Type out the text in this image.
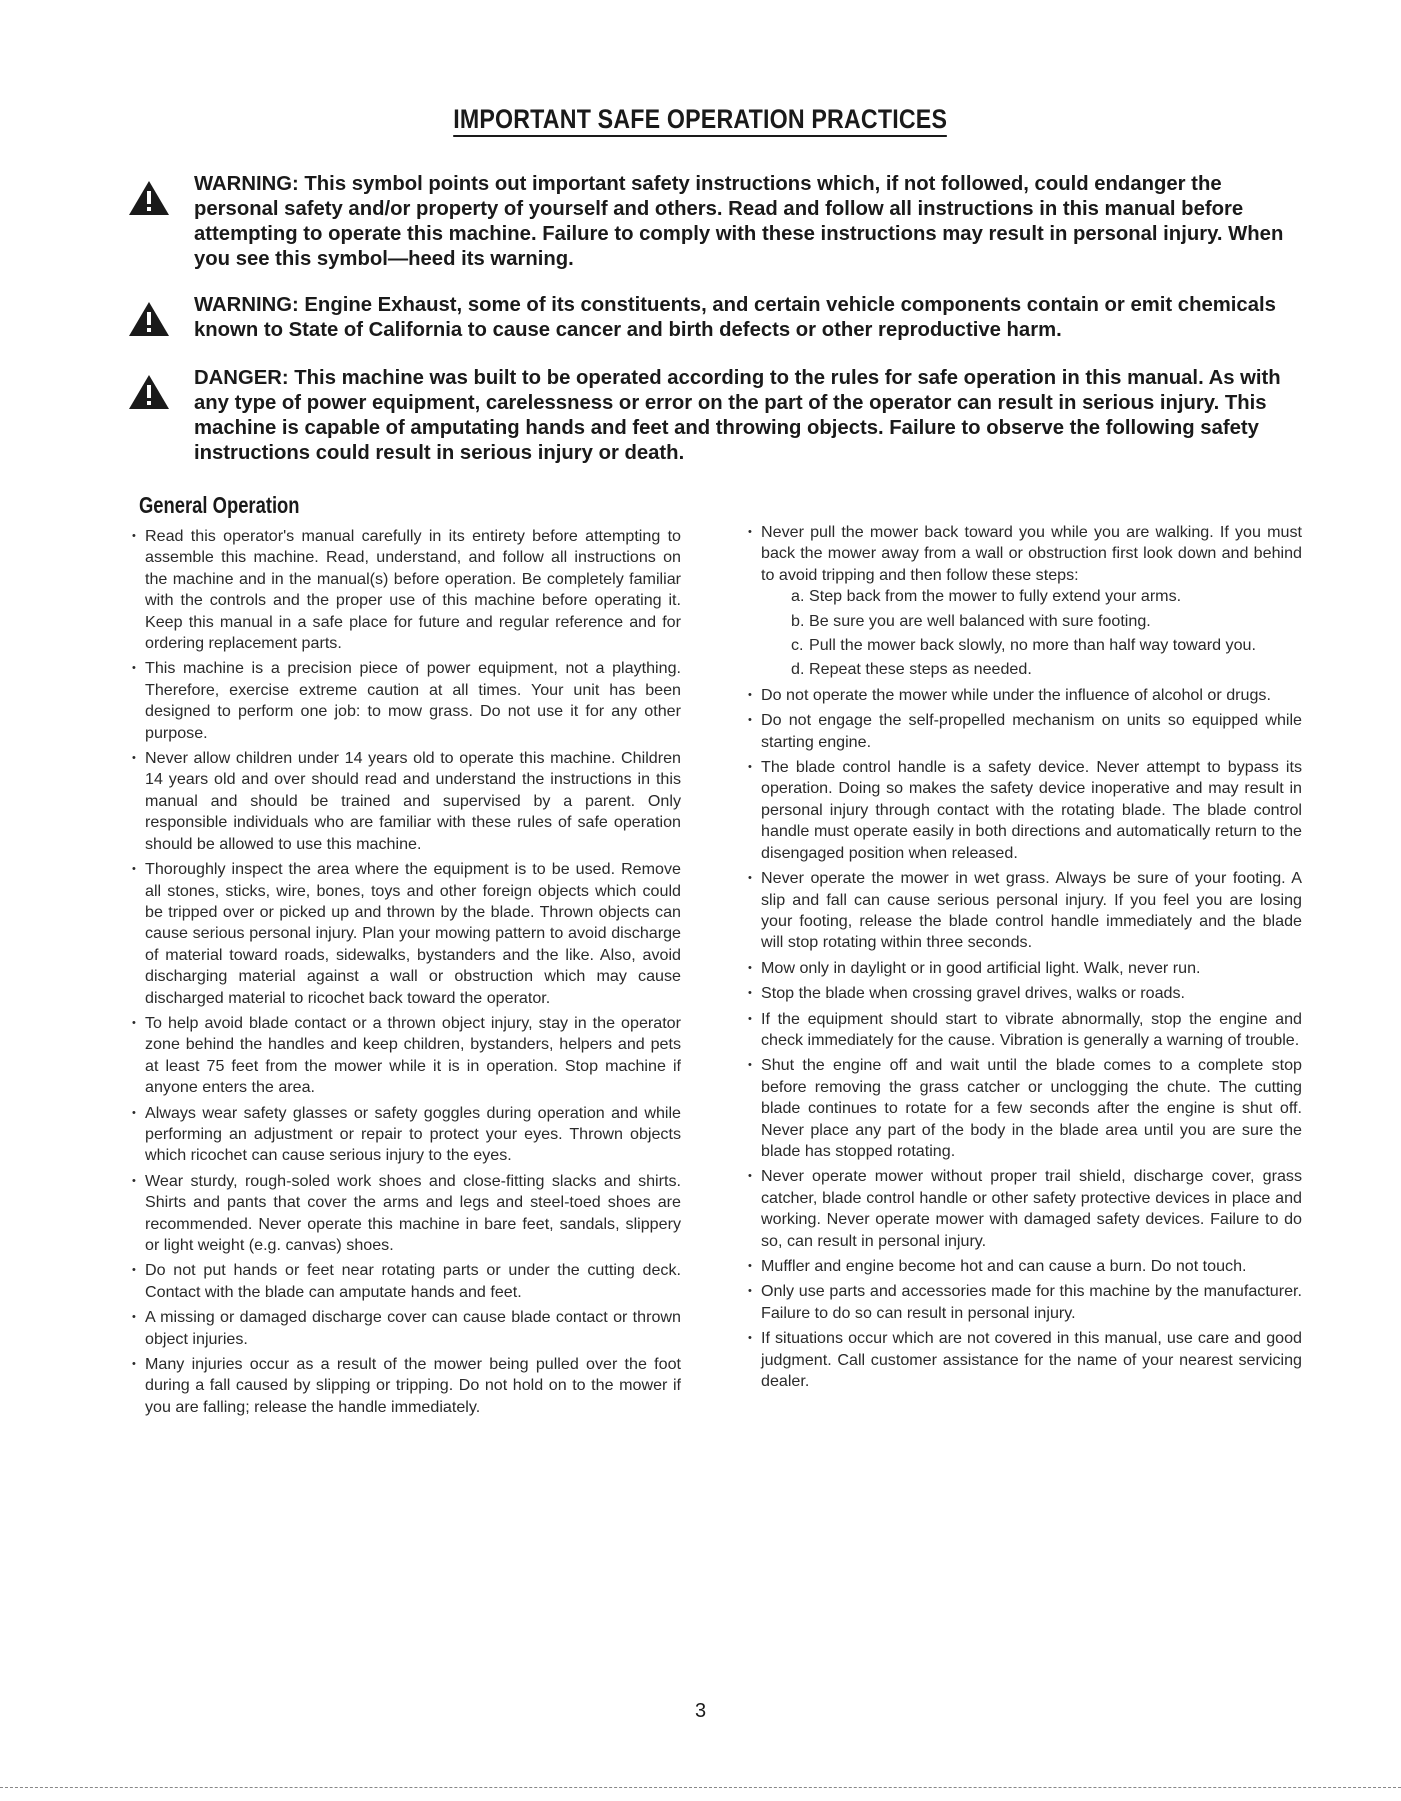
IMPORTANT SAFE OPERATION PRACTICES

WARNING: This symbol points out important safety instructions which, if not followed, could endanger the personal safety and/or property of yourself and others. Read and follow all instructions in this manual before attempting to operate this machine. Failure to comply with these instructions may result in personal injury. When you see this symbol—heed its warning.

WARNING: Engine Exhaust, some of its constituents, and certain vehicle components contain or emit chemicals known to State of California to cause cancer and birth defects or other reproductive harm.

DANGER: This machine was built to be operated according to the rules for safe operation in this manual. As with any type of power equipment, carelessness or error on the part of the operator can result in serious injury. This machine is capable of amputating hands and feet and throwing objects. Failure to observe the following safety instructions could result in serious injury or death.

General Operation
• Read this operator's manual carefully in its entirety before attempting to assemble this machine. Read, understand, and follow all instructions on the machine and in the manual(s) before operation. Be completely familiar with the controls and the proper use of this machine before operating it. Keep this manual in a safe place for future and regular reference and for ordering replacement parts.
• This machine is a precision piece of power equipment, not a plaything. Therefore, exercise extreme caution at all times. Your unit has been designed to perform one job: to mow grass. Do not use it for any other purpose.
• Never allow children under 14 years old to operate this machine. Children 14 years old and over should read and understand the instructions in this manual and should be trained and supervised by a parent. Only responsible individuals who are familiar with these rules of safe operation should be allowed to use this machine.
• Thoroughly inspect the area where the equipment is to be used. Remove all stones, sticks, wire, bones, toys and other foreign objects which could be tripped over or picked up and thrown by the blade. Thrown objects can cause serious personal injury. Plan your mowing pattern to avoid discharge of material toward roads, sidewalks, bystanders and the like. Also, avoid discharging material against a wall or obstruction which may cause discharged material to ricochet back toward the operator.
• To help avoid blade contact or a thrown object injury, stay in the operator zone behind the handles and keep children, bystanders, helpers and pets at least 75 feet from the mower while it is in operation. Stop machine if anyone enters the area.
• Always wear safety glasses or safety goggles during operation and while performing an adjustment or repair to protect your eyes. Thrown objects which ricochet can cause serious injury to the eyes.
• Wear sturdy, rough-soled work shoes and close-fitting slacks and shirts. Shirts and pants that cover the arms and legs and steel-toed shoes are recommended. Never operate this machine in bare feet, sandals, slippery or light weight (e.g. canvas) shoes.
• Do not put hands or feet near rotating parts or under the cutting deck. Contact with the blade can amputate hands and feet.
• A missing or damaged discharge cover can cause blade contact or thrown object injuries.
• Many injuries occur as a result of the mower being pulled over the foot during a fall caused by slipping or tripping. Do not hold on to the mower if you are falling; release the handle immediately.
• Never pull the mower back toward you while you are walking. If you must back the mower away from a wall or obstruction first look down and behind to avoid tripping and then follow these steps:
a. Step back from the mower to fully extend your arms.
b. Be sure you are well balanced with sure footing.
c. Pull the mower back slowly, no more than half way toward you.
d. Repeat these steps as needed.
• Do not operate the mower while under the influence of alcohol or drugs.
• Do not engage the self-propelled mechanism on units so equipped while starting engine.
• The blade control handle is a safety device. Never attempt to bypass its operation. Doing so makes the safety device inoperative and may result in personal injury through contact with the rotating blade. The blade control handle must operate easily in both directions and automatically return to the disengaged position when released.
• Never operate the mower in wet grass. Always be sure of your footing. A slip and fall can cause serious personal injury. If you feel you are losing your footing, release the blade control handle immediately and the blade will stop rotating within three seconds.
• Mow only in daylight or in good artificial light. Walk, never run.
• Stop the blade when crossing gravel drives, walks or roads.
• If the equipment should start to vibrate abnormally, stop the engine and check immediately for the cause. Vibration is generally a warning of trouble.
• Shut the engine off and wait until the blade comes to a complete stop before removing the grass catcher or unclogging the chute. The cutting blade continues to rotate for a few seconds after the engine is shut off. Never place any part of the body in the blade area until you are sure the blade has stopped rotating.
• Never operate mower without proper trail shield, discharge cover, grass catcher, blade control handle or other safety protective devices in place and working. Never operate mower with damaged safety devices. Failure to do so, can result in personal injury.
• Muffler and engine become hot and can cause a burn. Do not touch.
• Only use parts and accessories made for this machine by the manufacturer. Failure to do so can result in personal injury.
• If situations occur which are not covered in this manual, use care and good judgment. Call customer assistance for the name of your nearest servicing dealer.
3
